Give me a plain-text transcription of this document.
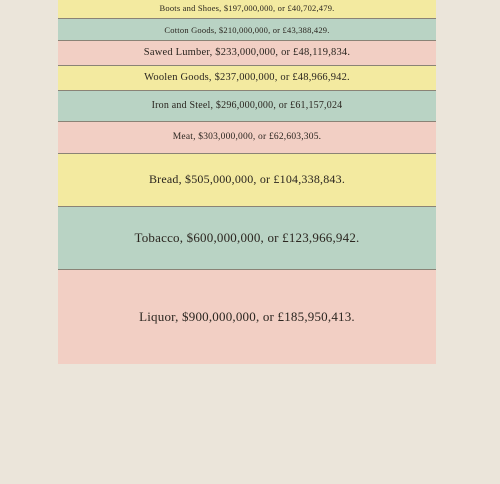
Boots and Shoes, $197,000,000, or £40,702,479.
Cotton Goods, $210,000,000, or £43,388,429.
Sawed Lumber, $233,000,000, or £48,119,834.
Woolen Goods, $237,000,000, or £48,966,942.
Iron and Steel, $296,000,000, or £61,157,024
Meat, $303,000,000, or £62,603,305.
Bread, $505,000,000, or £104,338,843.
Tobacco, $600,000,000, or £123,966,942.
Liquor, $900,000,000, or £185,950,413.
